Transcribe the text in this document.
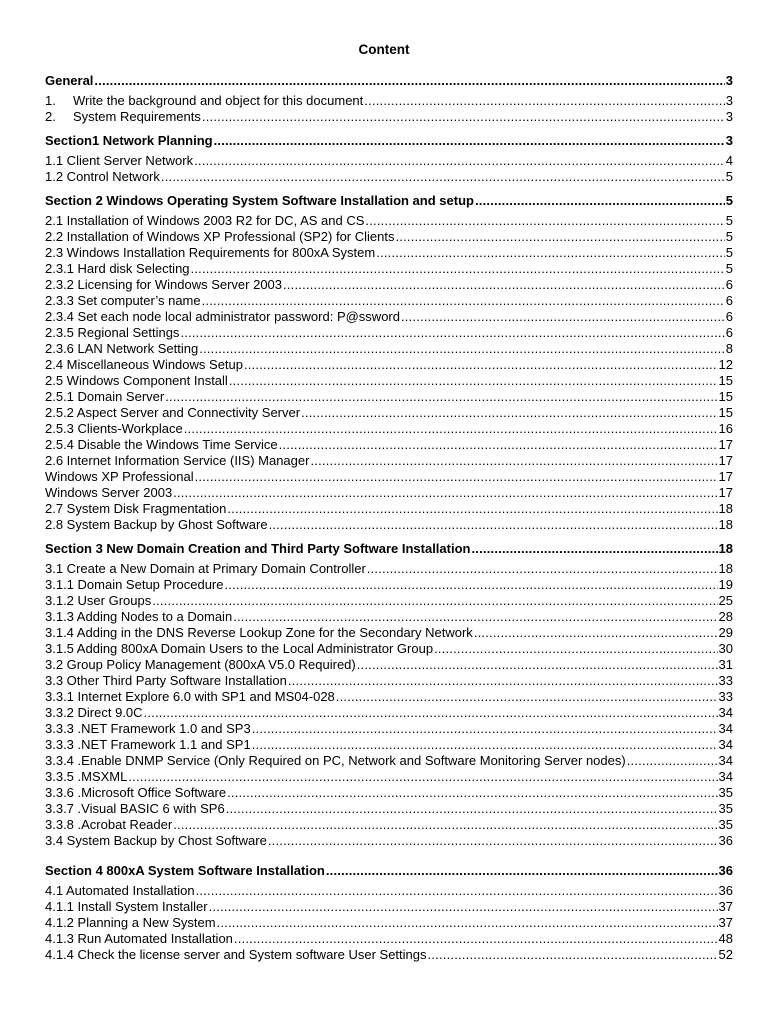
Content
General .....	3
1. Write the background and object for this document .....	3
2. System Requirements .....	3
Section1 Network Planning .....	3
1.1 Client Server Network .....	4
1.2 Control Network .....	5
Section 2 Windows Operating System Software Installation and setup .....	5
2.1 Installation of Windows 2003 R2 for DC, AS and CS .....	5
2.2 Installation of Windows XP Professional (SP2) for Clients .....	5
2.3 Windows Installation Requirements for 800xA System .....	5
2.3.1 Hard disk Selecting .....	5
2.3.2 Licensing for Windows Server 2003 .....	6
2.3.3 Set computer’s name .....	6
2.3.4 Set each node local administrator password: P@ssword .....	6
2.3.5 Regional Settings .....	6
2.3.6 LAN Network Setting .....	8
2.4 Miscellaneous Windows Setup .....	12
2.5 Windows Component Install .....	15
2.5.1 Domain Server .....	15
2.5.2 Aspect Server and Connectivity Server .....	15
2.5.3 Clients-Workplace .....	16
2.5.4 Disable the Windows Time Service .....	17
2.6 Internet Information Service (IIS) Manager .....	17
Windows XP Professional .....	17
Windows Server 2003 .....	17
2.7 System Disk Fragmentation .....	18
2.8 System Backup by Ghost Software .....	18
Section 3 New Domain Creation and Third Party Software Installation .....	18
3.1 Create a New Domain at Primary Domain Controller .....	18
3.1.1 Domain Setup Procedure .....	19
3.1.2 User Groups .....	25
3.1.3 Adding Nodes to a Domain .....	28
3.1.4 Adding in the DNS Reverse Lookup Zone for the Secondary Network .....	29
3.1.5 Adding 800xA Domain Users to the Local Administrator Group .....	30
3.2 Group Policy Management (800xA V5.0 Required) .....	31
3.3 Other Third Party Software Installation .....	33
3.3.1 Internet Explore 6.0 with SP1 and MS04-028 .....	33
3.3.2 Direct 9.0C .....	34
3.3.3 .NET Framework 1.0 and SP3 .....	34
3.3.3 .NET Framework 1.1 and SP1 .....	34
3.3.4 .Enable DNMP Service (Only Required on PC, Network and Software Monitoring Server nodes) .....	34
3.3.5 .MSXML .....	34
3.3.6 .Microsoft Office Software .....	35
3.3.7 .Visual BASIC 6 with SP6 .....	35
3.3.8 .Acrobat Reader .....	35
3.4 System Backup by Chost Software .....	36
Section 4 800xA System Software Installation .....	36
4.1 Automated Installation .....	36
4.1.1 Install System Installer .....	37
4.1.2 Planning a New System .....	37
4.1.3 Run Automated Installation .....	48
4.1.4 Check the license server and System software User Settings .....	52
